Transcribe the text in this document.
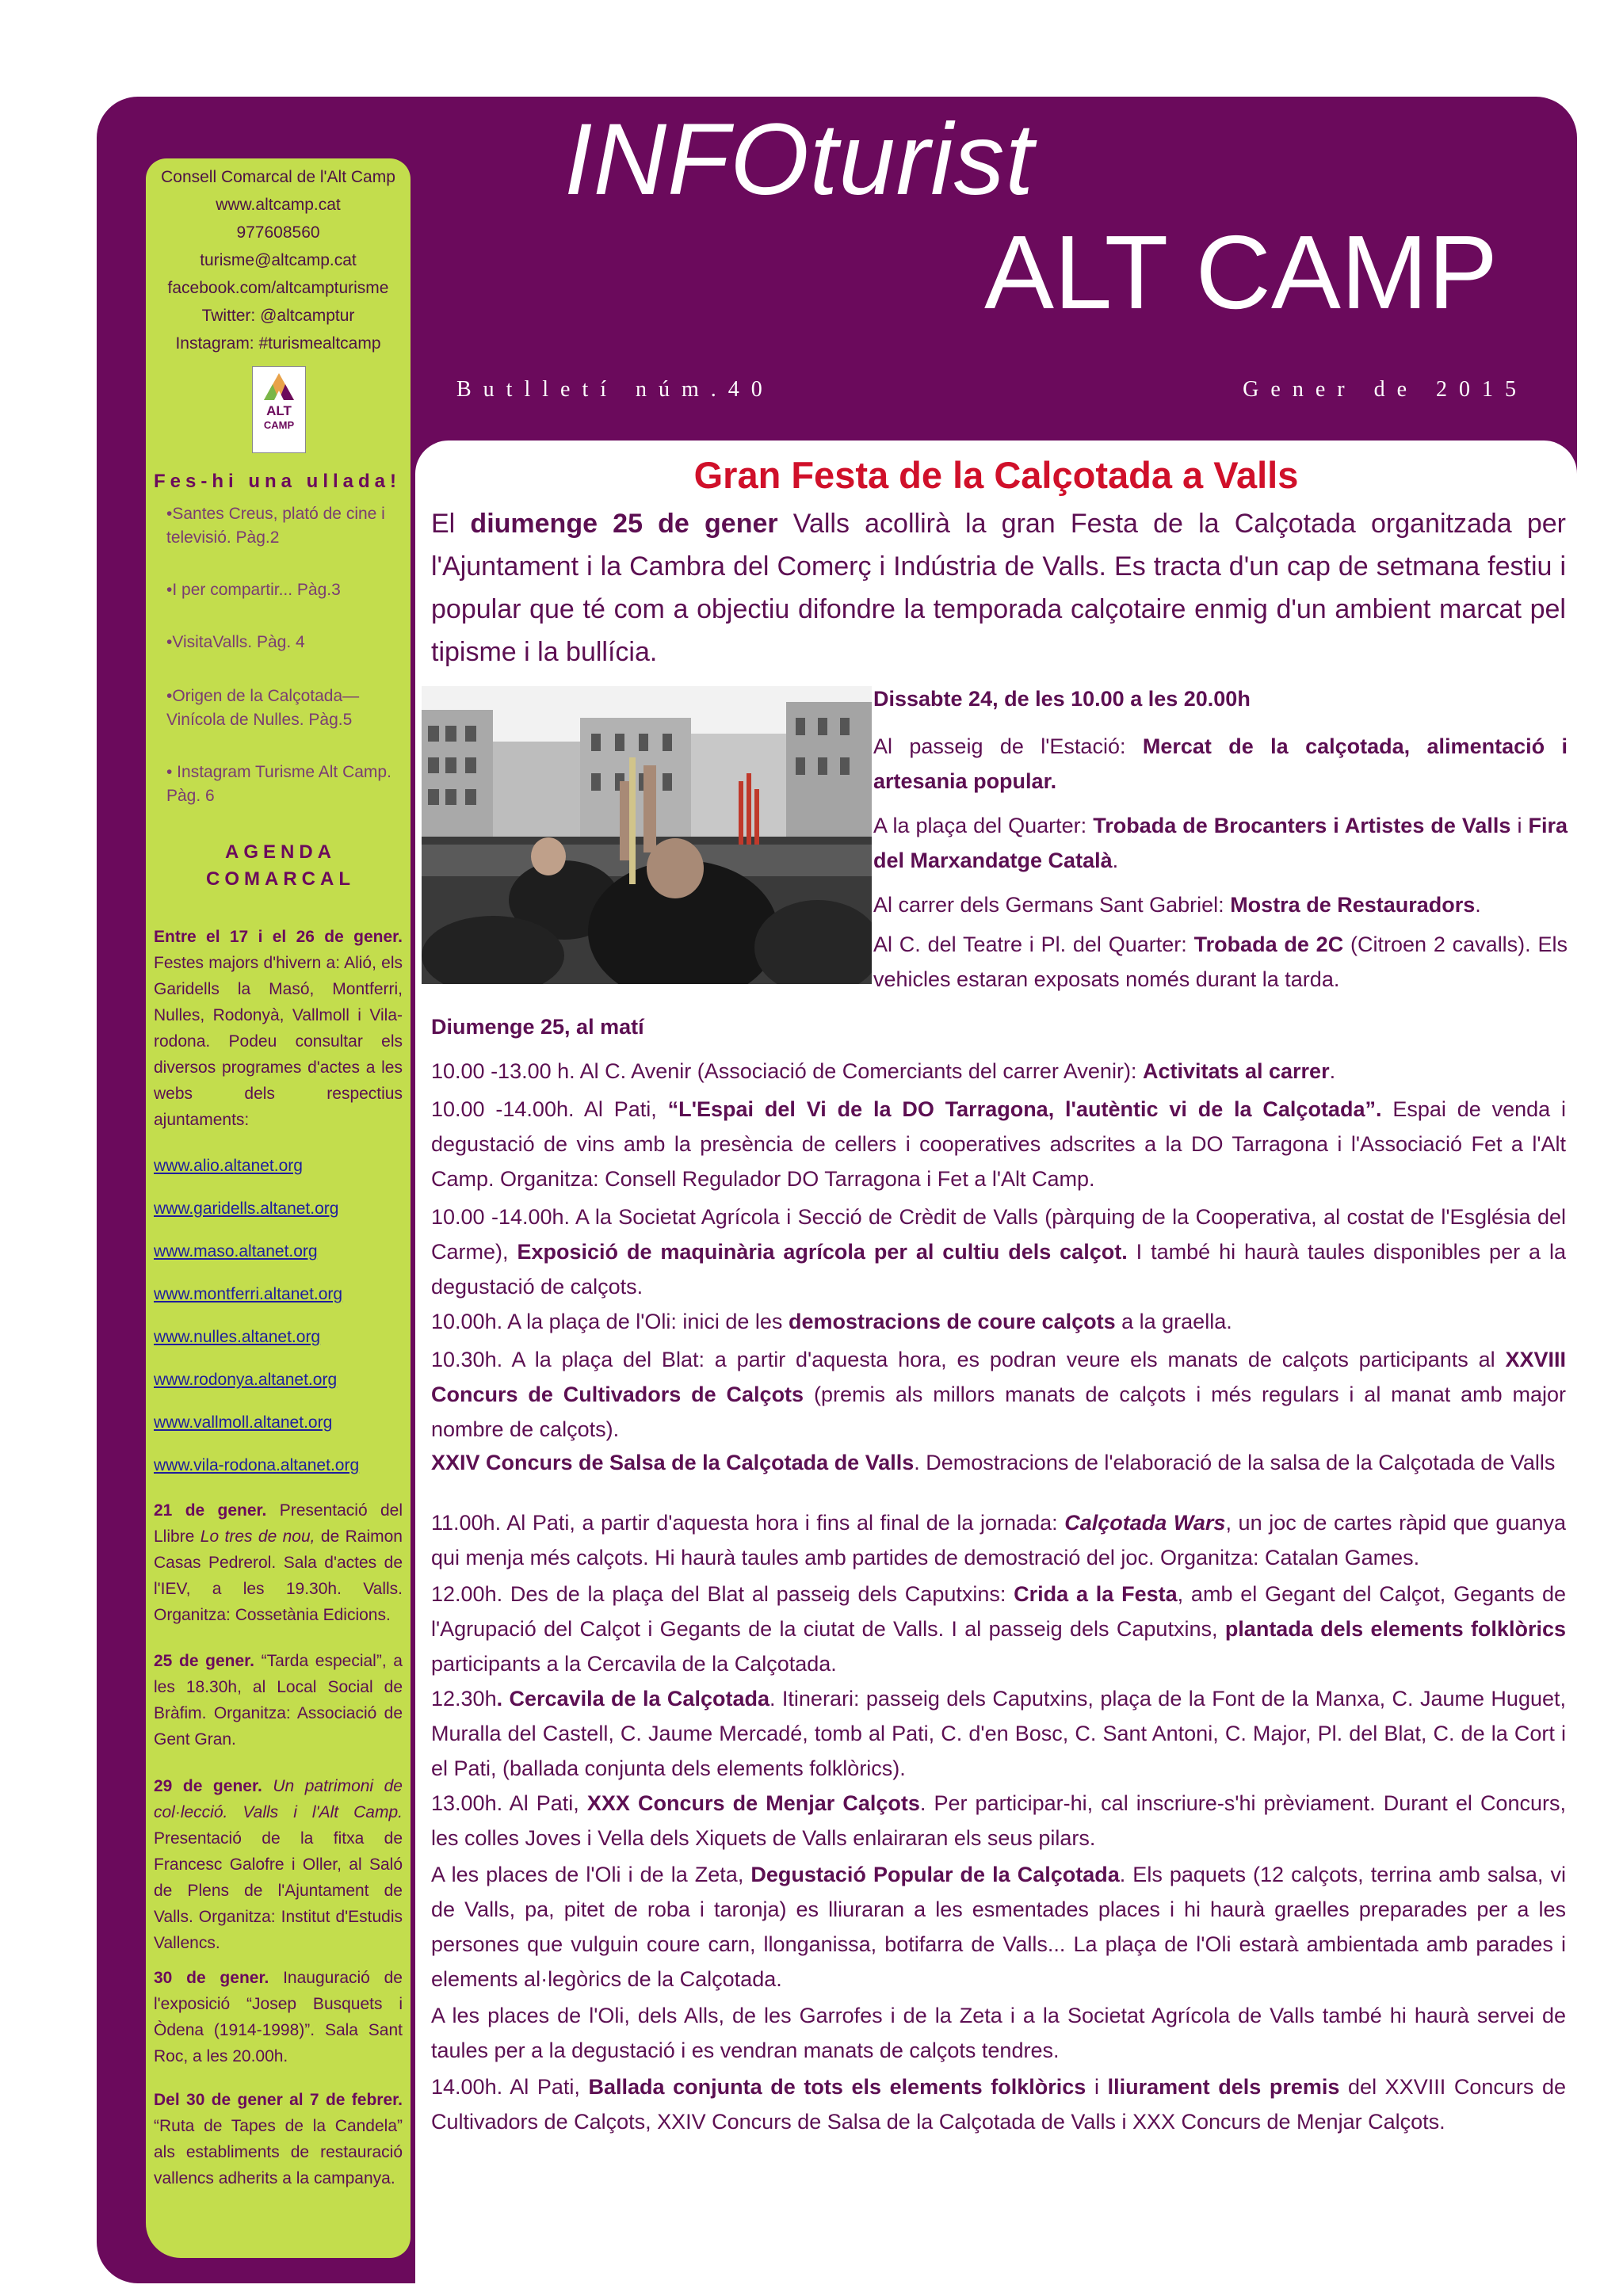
INFOturist
ALT CAMP
Butlletí núm.40	Gener de 2015
Consell Comarcal de l'Alt Camp
www.altcamp.cat
977608560
turisme@altcamp.cat
facebook.com/altcampturisme
Twitter: @altcamptur
Instagram: #turismealtcamp
ALT
CAMP
Fes-hi una ullada!
•Santes Creus, plató de cine i televisió. Pàg.2
•I per compartir... Pàg.3
•VisitaValls. Pàg. 4
•Origen de la Calçotada—Vinícola de Nulles. Pàg.5
• Instagram Turisme Alt Camp. Pàg. 6
AGENDA
COMARCAL
Entre el 17 i el 26 de gener. Festes majors d'hivern a: Alió, els Garidells la Masó, Montferri, Nulles, Rodonyà, Vallmoll i Vila-rodona. Podeu consultar els diversos programes d'actes a les webs dels respectius ajuntaments:
www.alio.altanet.org
www.garidells.altanet.org
www.maso.altanet.org
www.montferri.altanet.org
www.nulles.altanet.org
www.rodonya.altanet.org
www.vallmoll.altanet.org
www.vila-rodona.altanet.org
21 de gener. Presentació del Llibre Lo tres de nou, de Raimon Casas Pedrerol. Sala d'actes de l'IEV, a les 19.30h. Valls. Organitza: Cossetània Edicions.
25 de gener. “Tarda especial”, a les 18.30h, al Local Social de Bràfim. Organitza: Associació de Gent Gran.
29 de gener. Un patrimoni de col·lecció. Valls i l'Alt Camp. Presentació de la fitxa de Francesc Galofre i Oller, al Saló de Plens de l'Ajuntament de Valls. Organitza: Institut d'Estudis Vallencs.
30 de gener. Inauguració de l'exposició “Josep Busquets i Òdena (1914-1998)”. Sala Sant Roc, a les 20.00h.
Del 30 de gener al 7 de febrer. “Ruta de Tapes de la Candela” als establiments de restauració vallencs adherits a la campanya.
Gran Festa de la Calçotada a Valls
El diumenge 25 de gener Valls acollirà la gran Festa de la Calçotada organitzada per l'Ajuntament i la Cambra del Comerç i Indústria de Valls. Es tracta d'un cap de setmana festiu i popular que té com a objectiu difondre la temporada calçotaire enmig d'un ambient marcat pel tipisme i la bullícia.
Dissabte 24, de les 10.00 a les 20.00h
Al passeig de l'Estació: Mercat de la calçotada, alimentació i artesania popular.
A la plaça del Quarter: Trobada de Brocanters i Artistes de Valls i Fira del Marxandatge Català.
Al carrer dels Germans Sant Gabriel: Mostra de Restauradors.
Al C. del Teatre i Pl. del Quarter: Trobada de 2C (Citroen 2 cavalls). Els vehicles estaran exposats només durant la tarda.
Diumenge 25, al matí
10.00 -13.00 h. Al C. Avenir (Associació de Comerciants del carrer Avenir): Activitats al carrer.
10.00 -14.00h. Al Pati, “L'Espai del Vi de la DO Tarragona, l'autèntic vi de la Calçotada”. Espai de venda i degustació de vins amb la presència de cellers i cooperatives adscrites a la DO Tarragona i l'Associació Fet a l'Alt Camp. Organitza: Consell Regulador DO Tarragona i Fet a l'Alt Camp.
10.00 -14.00h. A la Societat Agrícola i Secció de Crèdit de Valls (pàrquing de la Cooperativa, al costat de l'Església del Carme), Exposició de maquinària agrícola per al cultiu dels calçot. I també hi haurà taules disponibles per a la degustació de calçots.
10.00h. A la plaça de l'Oli: inici de les demostracions de coure calçots a la graella.
10.30h. A la plaça del Blat: a partir d'aquesta hora, es podran veure els manats de calçots participants al XXVIII Concurs de Cultivadors de Calçots (premis als millors manats de calçots i més regulars i al manat amb major nombre de calçots).
XXIV Concurs de Salsa de la Calçotada de Valls. Demostracions de l'elaboració de la salsa de la Calçotada de Valls
11.00h. Al Pati, a partir d'aquesta hora i fins al final de la jornada: Calçotada Wars, un joc de cartes ràpid que guanya qui menja més calçots. Hi haurà taules amb partides de demostració del joc. Organitza: Catalan Games.
12.00h. Des de la plaça del Blat al passeig dels Caputxins: Crida a la Festa, amb el Gegant del Calçot, Gegants de l'Agrupació del Calçot i Gegants de la ciutat de Valls. I al passeig dels Caputxins, plantada dels elements folklòrics participants a la Cercavila de la Calçotada.
12.30h. Cercavila de la Calçotada. Itinerari: passeig dels Caputxins, plaça de la Font de la Manxa, C. Jaume Huguet, Muralla del Castell, C. Jaume Mercadé, tomb al Pati, C. d'en Bosc, C. Sant Antoni, C. Major, Pl. del Blat, C. de la Cort i el Pati, (ballada conjunta dels elements folklòrics).
13.00h. Al Pati, XXX Concurs de Menjar Calçots. Per participar-hi, cal inscriure-s'hi prèviament. Durant el Concurs, les colles Joves i Vella dels Xiquets de Valls enlairaran els seus pilars.
A les places de l'Oli i de la Zeta, Degustació Popular de la Calçotada. Els paquets (12 calçots, terrina amb salsa, vi de Valls, pa, pitet de roba i taronja) es lliuraran a les esmentades places i hi haurà graelles preparades per a les persones que vulguin coure carn, llonganissa, botifarra de Valls... La plaça de l'Oli estarà ambientada amb parades i elements al·legòrics de la Calçotada.
A les places de l'Oli, dels Alls, de les Garrofes i de la Zeta i a la Societat Agrícola de Valls també hi haurà servei de taules per a la degustació i es vendran manats de calçots tendres.
14.00h. Al Pati, Ballada conjunta de tots els elements folklòrics i lliurament dels premis del XXVIII Concurs de Cultivadors de Calçots, XXIV Concurs de Salsa de la Calçotada de Valls i XXX Concurs de Menjar Calçots.
